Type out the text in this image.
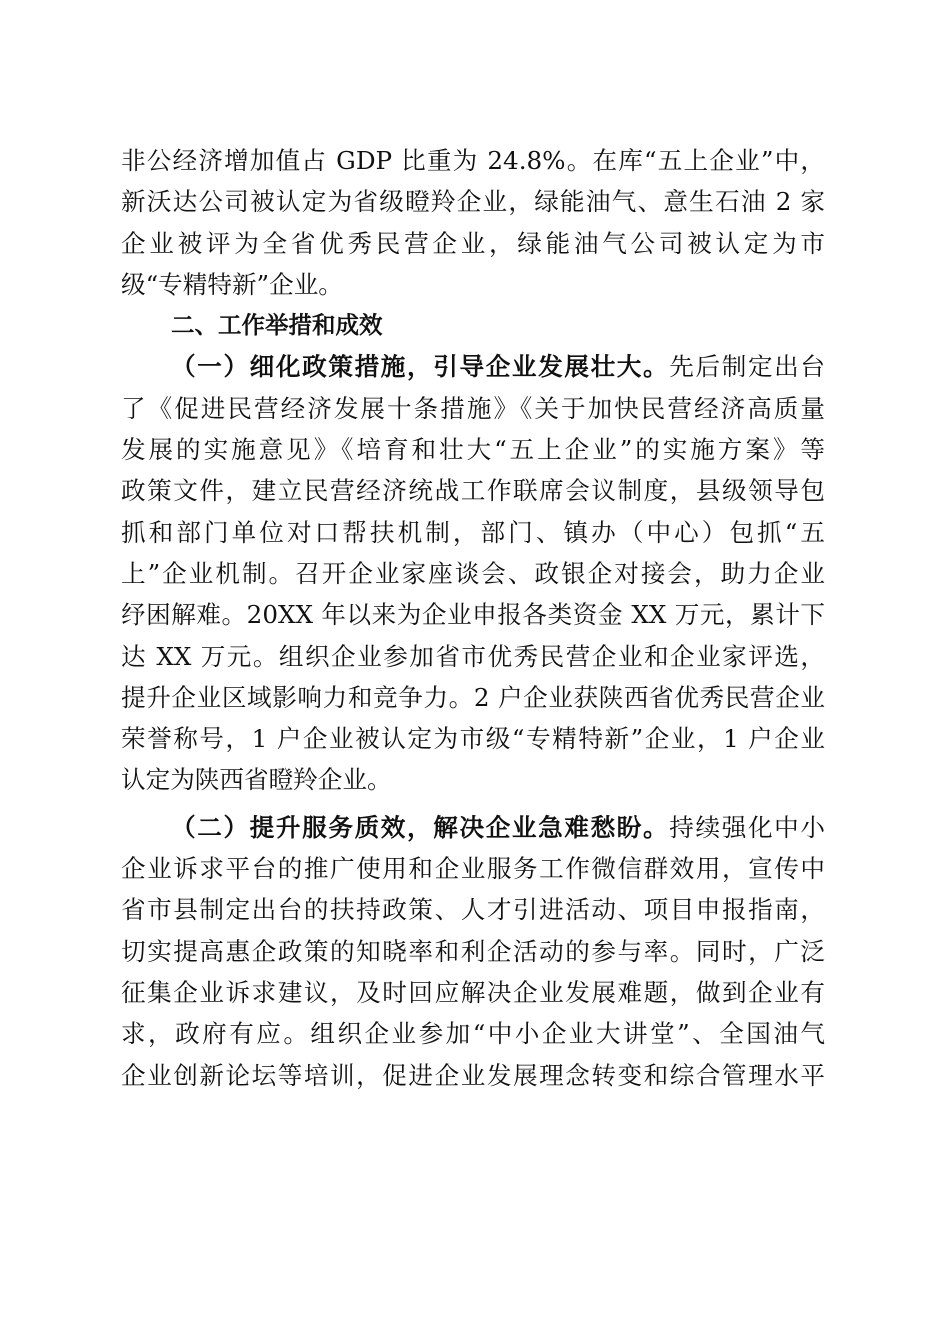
非公经济增加值占 GDP 比重为 24.8%。在库“五上企业”中，
新沃达公司被认定为省级瞪羚企业，绿能油气、意生石油 2 家
企业被评为全省优秀民营企业，绿能油气公司被认定为市
级“专精特新”企业。
二、工作举措和成效
（一）细化政策措施，引导企业发展壮大。先后制定出台
了《促进民营经济发展十条措施》《关于加快民营经济高质量
发展的实施意见》《培育和壮大“五上企业”的实施方案》等
政策文件，建立民营经济统战工作联席会议制度，县级领导包
抓和部门单位对口帮扶机制，部门、镇办（中心）包抓“五
上”企业机制。召开企业家座谈会、政银企对接会，助力企业
纾困解难。20XX 年以来为企业申报各类资金 XX 万元，累计下
达 XX 万元。组织企业参加省市优秀民营企业和企业家评选，
提升企业区域影响力和竞争力。2 户企业获陕西省优秀民营企业
荣誉称号，1 户企业被认定为市级“专精特新”企业，1 户企业
认定为陕西省瞪羚企业。
（二）提升服务质效，解决企业急难愁盼。持续强化中小
企业诉求平台的推广使用和企业服务工作微信群效用，宣传中
省市县制定出台的扶持政策、人才引进活动、项目申报指南，
切实提高惠企政策的知晓率和利企活动的参与率。同时，广泛
征集企业诉求建议，及时回应解决企业发展难题，做到企业有
求，政府有应。组织企业参加“中小企业大讲堂”、全国油气
企业创新论坛等培训，促进企业发展理念转变和综合管理水平
